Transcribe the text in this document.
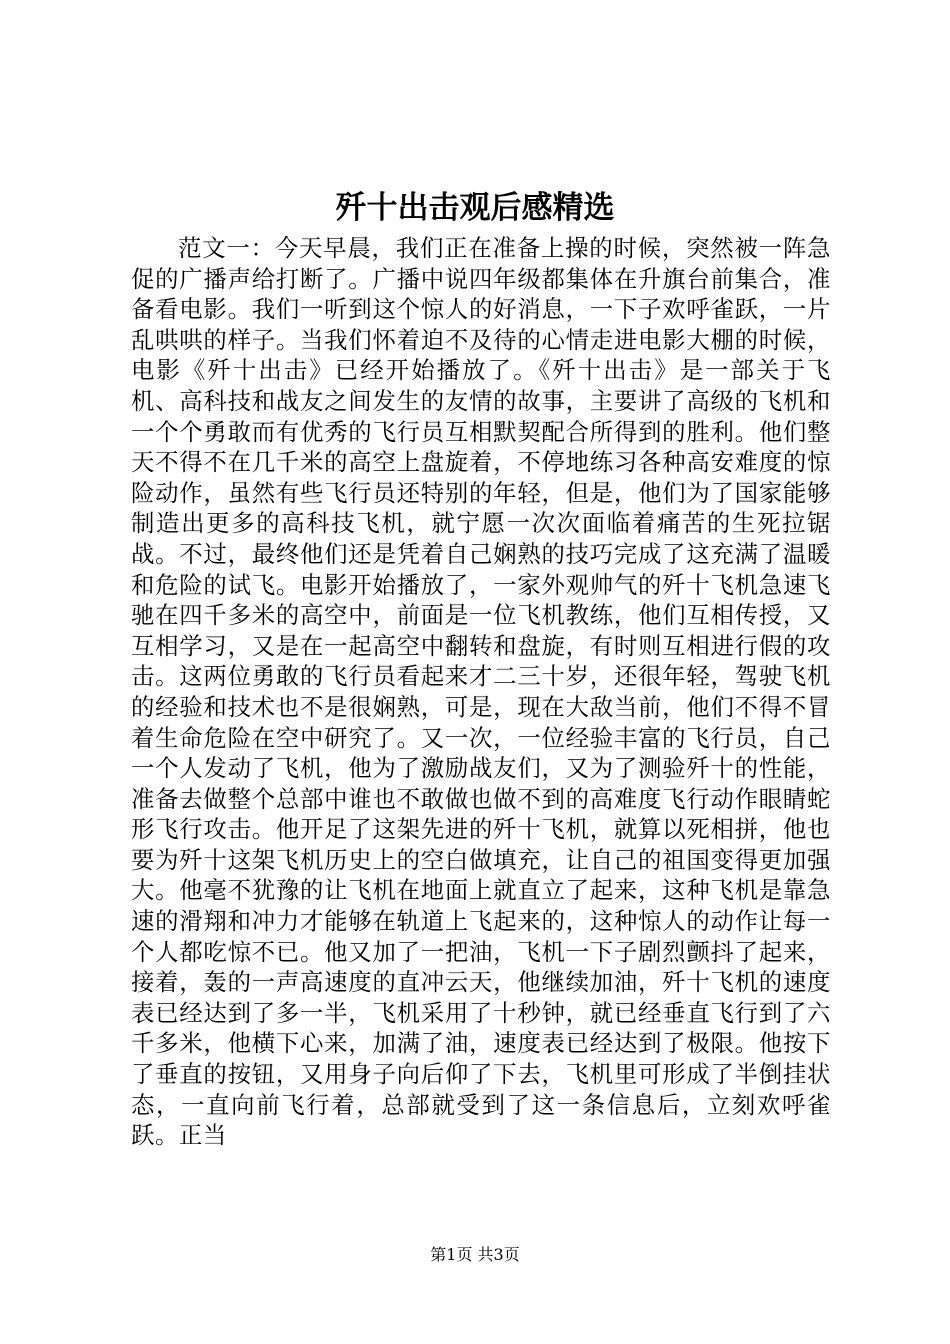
歼十出击观后感精选

范文一：今天早晨，我们正在准备上操的时候，突然被一阵急促的广播声给打断了。广播中说四年级都集体在升旗台前集合，准备看电影。我们一听到这个惊人的好消息，一下子欢呼雀跃，一片乱哄哄的样子。当我们怀着迫不及待的心情走进电影大棚的时候，电影《歼十出击》已经开始播放了。《歼十出击》是一部关于飞机、高科技和战友之间发生的友情的故事，主要讲了高级的飞机和一个个勇敢而有优秀的飞行员互相默契配合所得到的胜利。他们整天不得不在几千米的高空上盘旋着，不停地练习各种高安难度的惊险动作，虽然有些飞行员还特别的年轻，但是，他们为了国家能够制造出更多的高科技飞机，就宁愿一次次面临着痛苦的生死拉锯战。不过，最终他们还是凭着自己娴熟的技巧完成了这充满了温暖和危险的试飞。电影开始播放了，一家外观帅气的歼十飞机急速飞驰在四千多米的高空中，前面是一位飞机教练，他们互相传授，又互相学习，又是在一起高空中翻转和盘旋，有时则互相进行假的攻击。这两位勇敢的飞行员看起来才二三十岁，还很年轻，驾驶飞机的经验和技术也不是很娴熟，可是，现在大敌当前，他们不得不冒着生命危险在空中研究了。又一次，一位经验丰富的飞行员，自己一个人发动了飞机，他为了激励战友们，又为了测验歼十的性能，准备去做整个总部中谁也不敢做也做不到的高难度飞行动作眼睛蛇形飞行攻击。他开足了这架先进的歼十飞机，就算以死相拼，他也要为歼十这架飞机历史上的空白做填充，让自己的祖国变得更加强大。他毫不犹豫的让飞机在地面上就直立了起来，这种飞机是靠急速的滑翔和冲力才能够在轨道上飞起来的，这种惊人的动作让每一个人都吃惊不已。他又加了一把油，飞机一下子剧烈颤抖了起来，接着，轰的一声高速度的直冲云天，他继续加油，歼十飞机的速度表已经达到了多一半，飞机采用了十秒钟，就已经垂直飞行到了六千多米，他横下心来，加满了油，速度表已经达到了极限。他按下了垂直的按钮，又用身子向后仰了下去，飞机里可形成了半倒挂状态，一直向前飞行着，总部就受到了这一条信息后，立刻欢呼雀跃。正当

第1页 共3页
